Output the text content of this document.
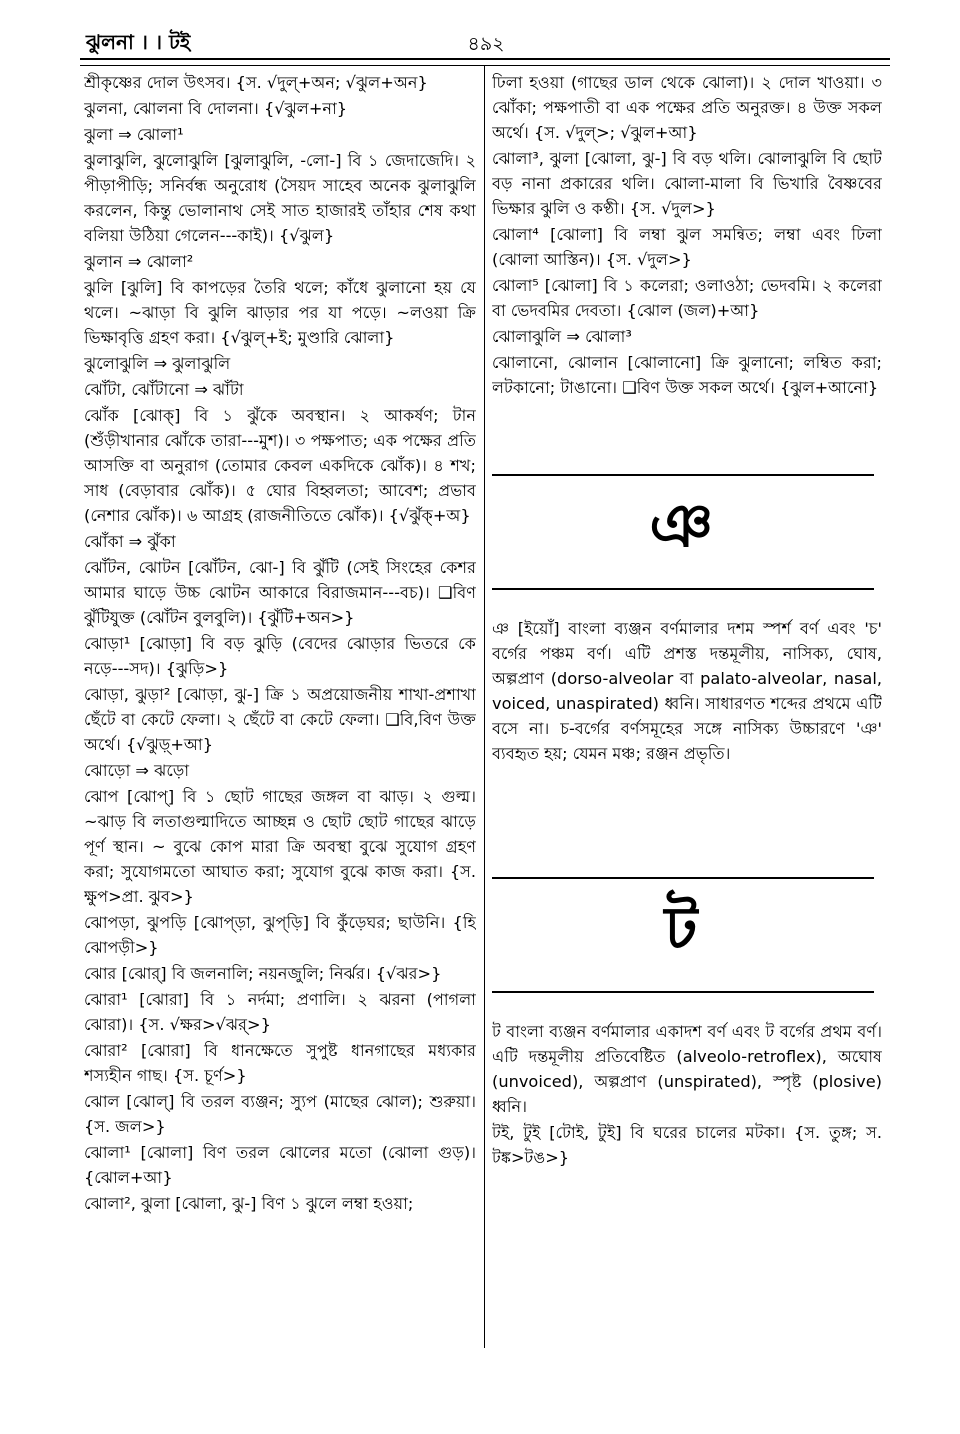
ঝুলনা । । টই	৪৯২

শ্রীকৃষ্ণের দোল উৎসব। {স. √দুল্+অন; √ঝুল+অন}

ঝুলনা, ঝোলনা বি দোলনা। {√ঝুল+না}

ঝুলা ⇒ ঝোলা¹

ঝুলাঝুলি, ঝুলোঝুলি [ঝুলাঝুলি, -লো-] বি ১ জেদাজেদি। ২ পীড়াপীড়ি; সনির্বন্ধ অনুরোধ (সৈয়দ সাহেব অনেক ঝুলাঝুলি করলেন, কিন্তু ভোলানাথ সেই সাত হাজারই তাঁহার শেষ কথা বলিয়া উঠিয়া গেলেন---কাই)। {√ঝুল}

ঝুলান ⇒ ঝোলা²

ঝুলি [ঝুলি] বি কাপড়ের তৈরি থলে; কাঁধে ঝুলানো হয় যে থলে। ~ঝাড়া বি ঝুলি ঝাড়ার পর যা পড়ে। ~লওয়া ক্রি ভিক্ষাবৃত্তি গ্রহণ করা। {√ঝুল্+ই; মুণ্ডারি ঝোলা}

ঝুলোঝুলি ⇒ ঝুলাঝুলি

ঝোঁটা, ঝোঁটানো ⇒ ঝাঁটা

ঝোঁক [ঝোক্] বি ১ ঝুঁকে অবস্থান। ২ আকর্ষণ; টান (শুঁড়ীখানার ঝোঁকে তারা---মুশ)। ৩ পক্ষপাত; এক পক্ষের প্রতি আসক্তি বা অনুরাগ (তোমার কেবল একদিকে ঝোঁক)। ৪ শখ; সাধ (বেড়াবার ঝোঁক)। ৫ ঘোর বিহ্বলতা; আবেশ; প্রভাব (নেশার ঝোঁক)। ৬ আগ্রহ (রাজনীতিতে ঝোঁক)। {√ঝুঁক্+অ}

ঝোঁকা ⇒ ঝুঁকা

ঝোঁটন, ঝোটন [ঝোঁটন, ঝো-] বি ঝুঁটি (সেই সিংহের কেশর আমার ঘাড়ে উচ্চ ঝোটন আকারে বিরাজমান---বচ)। ❑বিণ ঝুঁটিযুক্ত (ঝোঁটন বুলবুলি)। {ঝুঁটি+অন>}

ঝোড়া¹ [ঝোড়া] বি বড় ঝুড়ি (বেদের ঝোড়ার ভিতরে কে নড়ে---সদ)। {ঝুড়ি>}

ঝোড়া, ঝুড়া² [ঝোড়া, ঝু-] ক্রি ১ অপ্রয়োজনীয় শাখা-প্রশাখা ছেঁটে বা কেটে ফেলা। ২ ছেঁটে বা কেটে ফেলা। ❑বি,বিণ উক্ত অর্থে। {√ঝুড়্+আ}

ঝোড়ো ⇒ ঝড়ো

ঝোপ [ঝোপ্] বি ১ ছোট গাছের জঙ্গল বা ঝাড়। ২ গুল্ম। ~ঝাড় বি লতাগুল্মাদিতে আচ্ছন্ন ও ছোট ছোট গাছের ঝাড়ে পূর্ণ স্থান। ~ বুঝে কোপ মারা ক্রি অবস্থা বুঝে সুযোগ গ্রহণ করা; সুযোগমতো আঘাত করা; সুযোগ বুঝে কাজ করা। {স. ক্ষুপ>প্রা. ঝুব>}

ঝোপড়া, ঝুপড়ি [ঝোপ্‌ড়া, ঝুপ্‌ড়ি] বি কুঁড়েঘর; ছাউনি। {হি ঝোপড়ী>}

ঝোর [ঝোর্] বি জলনালি; নয়নজুলি; নির্ঝর। {√ঝর>}

ঝোরা¹ [ঝোরা] বি ১ নর্দমা; প্রণালি। ২ ঝরনা (পাগলা ঝোরা)। {স. √ক্ষর>√ঝর্>}

ঝোরা² [ঝোরা] বি ধানক্ষেতে সুপুষ্ট ধানগাছের মধ্যকার শস্যহীন গাছ। {স. চূর্ণ>}

ঝোল [ঝোল্] বি তরল ব্যঞ্জন; স্যুপ (মাছের ঝোল); শুরুয়া। {স. জল>}

ঝোলা¹ [ঝোলা] বিণ তরল ঝোলের মতো (ঝোলা গুড়)। {ঝোল+আ}

ঝোলা², ঝুলা [ঝোলা, ঝু-] বিণ ১ ঝুলে লম্বা হওয়া;

ঢিলা হওয়া (গাছের ডাল থেকে ঝোলা)। ২ দোল খাওয়া। ৩ ঝোঁকা; পক্ষপাতী বা এক পক্ষের প্রতি অনুরক্ত। ৪ উক্ত সকল অর্থে। {স. √দুল্>; √ঝুল+আ}

ঝোলা³, ঝুলা [ঝোলা, ঝু-] বি বড় থলি। ঝোলাঝুলি বি ছোট বড় নানা প্রকারের থলি। ঝোলা-মালা বি ভিখারি বৈষ্ণবের ভিক্ষার ঝুলি ও কণ্ঠী। {স. √দুল>}

ঝোলা⁴ [ঝোলা] বি লম্বা ঝুল সমন্বিত; লম্বা এবং ঢিলা (ঝোলা আস্তিন)। {স. √দুল>}

ঝোলা⁵ [ঝোলা] বি ১ কলেরা; ওলাওঠা; ভেদবমি। ২ কলেরা বা ভেদবমির দেবতা। {ঝোল (জল)+আ}

ঝোলাঝুলি ⇒ ঝোলা³

ঝোলানো, ঝোলান [ঝোলানো] ক্রি ঝুলানো; লম্বিত করা; লটকানো; টাঙানো। ❑বিণ উক্ত সকল অর্থে। {ঝুল+আনো}

ঞ

ঞ [ইয়োঁ] বাংলা ব্যঞ্জন বর্ণমালার দশম স্পর্শ বর্ণ এবং 'চ' বর্গের পঞ্চম বর্ণ। এটি প্রশস্ত দন্তমূলীয়, নাসিক্য, ঘোষ, অল্পপ্রাণ (dorso-alveolar বা palato-alveolar, nasal, voiced, unaspirated) ধ্বনি। সাধারণত শব্দের প্রথমে এটি বসে না। চ-বর্গের বর্ণসমূহের সঙ্গে নাসিক্য উচ্চারণে 'ঞ' ব্যবহৃত হয়; যেমন মঞ্চ; রঞ্জন প্রভৃতি।

ট

ট বাংলা ব্যঞ্জন বর্ণমালার একাদশ বর্ণ এবং ট বর্গের প্রথম বর্ণ। এটি দন্তমূলীয় প্রতিবেষ্টিত (alveolo-retroflex), অঘোষ (unvoiced), অল্পপ্রাণ (unspirated), স্পৃষ্ট (plosive) ধ্বনি।

টই, টুই [টোই, টুই] বি ঘরের চালের মটকা। {স. তুঙ্গ; স. টঙ্ক>টঙ>}
